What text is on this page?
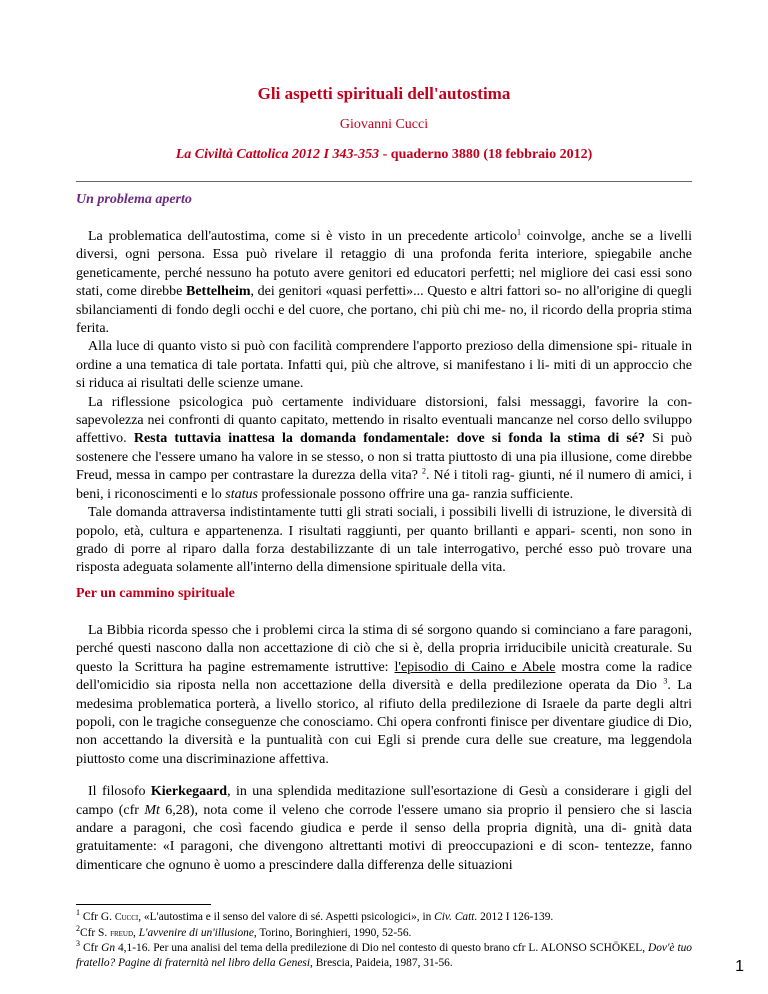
Gli aspetti spirituali dell'autostima
Giovanni Cucci
La Civiltà Cattolica 2012 I 343-353 - quaderno 3880 (18 febbraio 2012)
Un problema aperto

La problematica dell'autostima, come si è visto in un precedente articolo$^1$ coinvolge, anche se a livelli diversi, ogni persona. Essa può rivelare il retaggio di una profonda ferita interiore, spiegabile anche geneticamente, perché nessuno ha potuto avere genitori ed educatori perfetti; nel migliore dei casi essi sono stati, come direbbe Bettelheim, dei genitori «quasi perfetti»... Questo e altri fattori so- no all'origine di quegli sbilanciamenti di fondo degli occhi e del cuore, che portano, chi più chi me- no, il ricordo della propria stima ferita.

Alla luce di quanto visto si può con facilità comprendere l'apporto prezioso della dimensione spi- rituale in ordine a una tematica di tale portata. Infatti qui, più che altrove, si manifestano i li- miti di un approccio che si riduca ai risultati delle scienze umane.

La riflessione psicologica può certamente individuare distorsioni, falsi messaggi, favorire la con- sapevolezza nei confronti di quanto capitato, mettendo in risalto eventuali mancanze nel corso dello sviluppo affettivo. Resta tuttavia inattesa la domanda fondamentale: dove si fonda la stima di sé? Si può sostenere che l'essere umano ha valore in se stesso, o non si tratta piuttosto di una pia illusione, come direbbe Freud, messa in campo per contrastare la durezza della vita? $^2$. Né i titoli rag- giunti, né il numero di amici, i beni, i riconoscimenti e lo status professionale possono offrire una ga- ranzia sufficiente.

Tale domanda attraversa indistintamente tutti gli strati sociali, i possibili livelli di istruzione, le diversità di popolo, età, cultura e appartenenza. I risultati raggiunti, per quanto brillanti e appari- scenti, non sono in grado di porre al riparo dalla forza destabilizzante di un tale interrogativo, perché esso può trovare una risposta adeguata solamente all'interno della dimensione spirituale della vita.

Per un cammino spirituale

La Bibbia ricorda spesso che i problemi circa la stima di sé sorgono quando si cominciano a fare paragoni, perché questi nascono dalla non accettazione di ciò che si è, della propria irriducibile unicità creaturale. Su questo la Scrittura ha pagine estremamente istruttive: l'episodio di Caino e Abele mostra come la radice dell'omicidio sia riposta nella non accettazione della diversità e della predilezione operata da Dio $^3$. La medesima problematica porterà, a livello storico, al rifiuto della predilezione di Israele da parte degli altri popoli, con le tragiche conseguenze che conosciamo. Chi opera confronti finisce per diventare giudice di Dio, non accettando la diversità e la puntualità con cui Egli si prende cura delle sue creature, ma leggendola piuttosto come una discriminazione affettiva.

Il filosofo Kierkegaard, in una splendida meditazione sull'esortazione di Gesù a considerare i gigli del campo (cfr Mt 6,28), nota come il veleno che corrode l'essere umano sia proprio il pensiero che si lascia andare a paragoni, che così facendo giudica e perde il senso della propria dignità, una di- gnità data gratuitamente: «I paragoni, che divengono altrettanti motivi di preoccupazioni e di scon- tentezze, fanno dimenticare che ognuno è uomo a prescindere dalla differenza delle situazioni

$^1$ Cfr G. Cucci, «L'autostima e il senso del valore di sé. Aspetti psicologici», in Civ. Catt. 2012 I 126-139.

$^2$Cfr S. freud, L'avvenire di un'illusione, Torino, Boringhieri, 1990, 52-56.

$^3$ Cfr Gn 4,1-16. Per una analisi del tema della predilezione di Dio nel contesto di questo brano cfr L. ALONSO SCHÖKEL, Dov'è tuo fratello? Pagine di fraternità nel libro della Genesi, Brescia, Paideia, 1987, 31-56.	1
